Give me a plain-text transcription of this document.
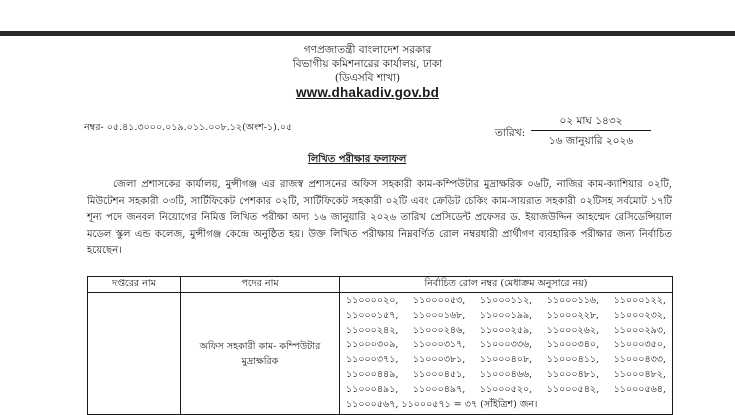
গণপ্রজাতন্ত্রী বাংলাদেশ সরকার
বিভাগীয় কমিশনারের কার্যালয়, ঢাকা
(ডিএসবি শাখা)
www.dhakadiv.gov.bd
নম্বর- ০৫.৪১.৩০০০.০১৯.০১১.০০৮.১২(অংশ-১).০৫	তারিখ:
০২ মাঘ ১৪৩২
১৬ জানুয়ারি ২০২৬
লিখিত পরীক্ষার ফলাফল
জেলা প্রশাসকের কার্যালয়, মুন্সীগঞ্জ এর রাজস্ব প্রশাসনের অফিস সহকারী কাম-কম্পিউটার মুদ্রাক্ষরিক ০৬টি, নাজির কাম-ক্যাশিয়ার ০২টি, মিউটেশন সহকারী ০৩টি, সার্টিফিকেট পেশকার ০২টি, সার্টিফিকেট সহকারী ০২টি এবং ক্রেডিট চেকিং কাম-সায়রাত সহকারী ০২টিসহ সর্বমোট ১৭টি শূন্য পদে জনবল নিয়োগের নিমিত্ত লিখিত পরীক্ষা অদ্য ১৬ জানুয়ারি ২০২৬ তারিখ প্রেসিডেন্ট প্রফেসর ড. ইয়াজউদ্দিন আহম্মেদ রেসিডেন্সিয়াল মডেল স্কুল এন্ড কলেজ, মুন্সীগঞ্জ কেন্দ্রে অনুষ্ঠিত হয়। উক্ত লিখিত পরীক্ষায় নিম্নবর্ণিত রোল নম্বরধারী প্রার্থীগণ ব্যবহারিক পরীক্ষার জন্য নির্বাচিত হয়েছেন।
দপ্তরের নাম	পদের নাম	নির্বাচিত রোল নম্বর (মেধাক্রম অনুসারে নয়)
	অফিস সহকারী কাম- কম্পিউটার মুদ্রাক্ষরিক	১১০০০০২০, ১১০০০০৫৩, ১১০০০১১২, ১১০০০১১৬, ১১০০০১২২, ১১০০০১৫৭, ১১০০০১৬৮, ১১০০০১৯৯, ১১০০০২২৮, ১১০০০২৩২, ১১০০০২৪২, ১১০০০২৪৬, ১১০০০২৫৯, ১১০০০২৬২, ১১০০০২৯৩, ১১০০০৩০৯, ১১০০০৩১৭, ১১০০০৩৩৬, ১১০০০৩৪০, ১১০০০৩৫০, ১১০০০৩৭১, ১১০০০৩৮১, ১১০০০৪০৮, ১১০০০৪১১, ১১০০০৪৩৩, ১১০০০৪৪৯, ১১০০০৪৫১, ১১০০০৪৬৬, ১১০০০৪৮১, ১১০০০৪৮২, ১১০০০৪৯১, ১১০০০৪৯৭, ১১০০০৫২০, ১১০০০৫৪২, ১১০০০৫৬৪, ১১০০০৫৬৭, ১১০০০৫৭১ = ৩৭ (সাঁইত্রিশ) জন।
